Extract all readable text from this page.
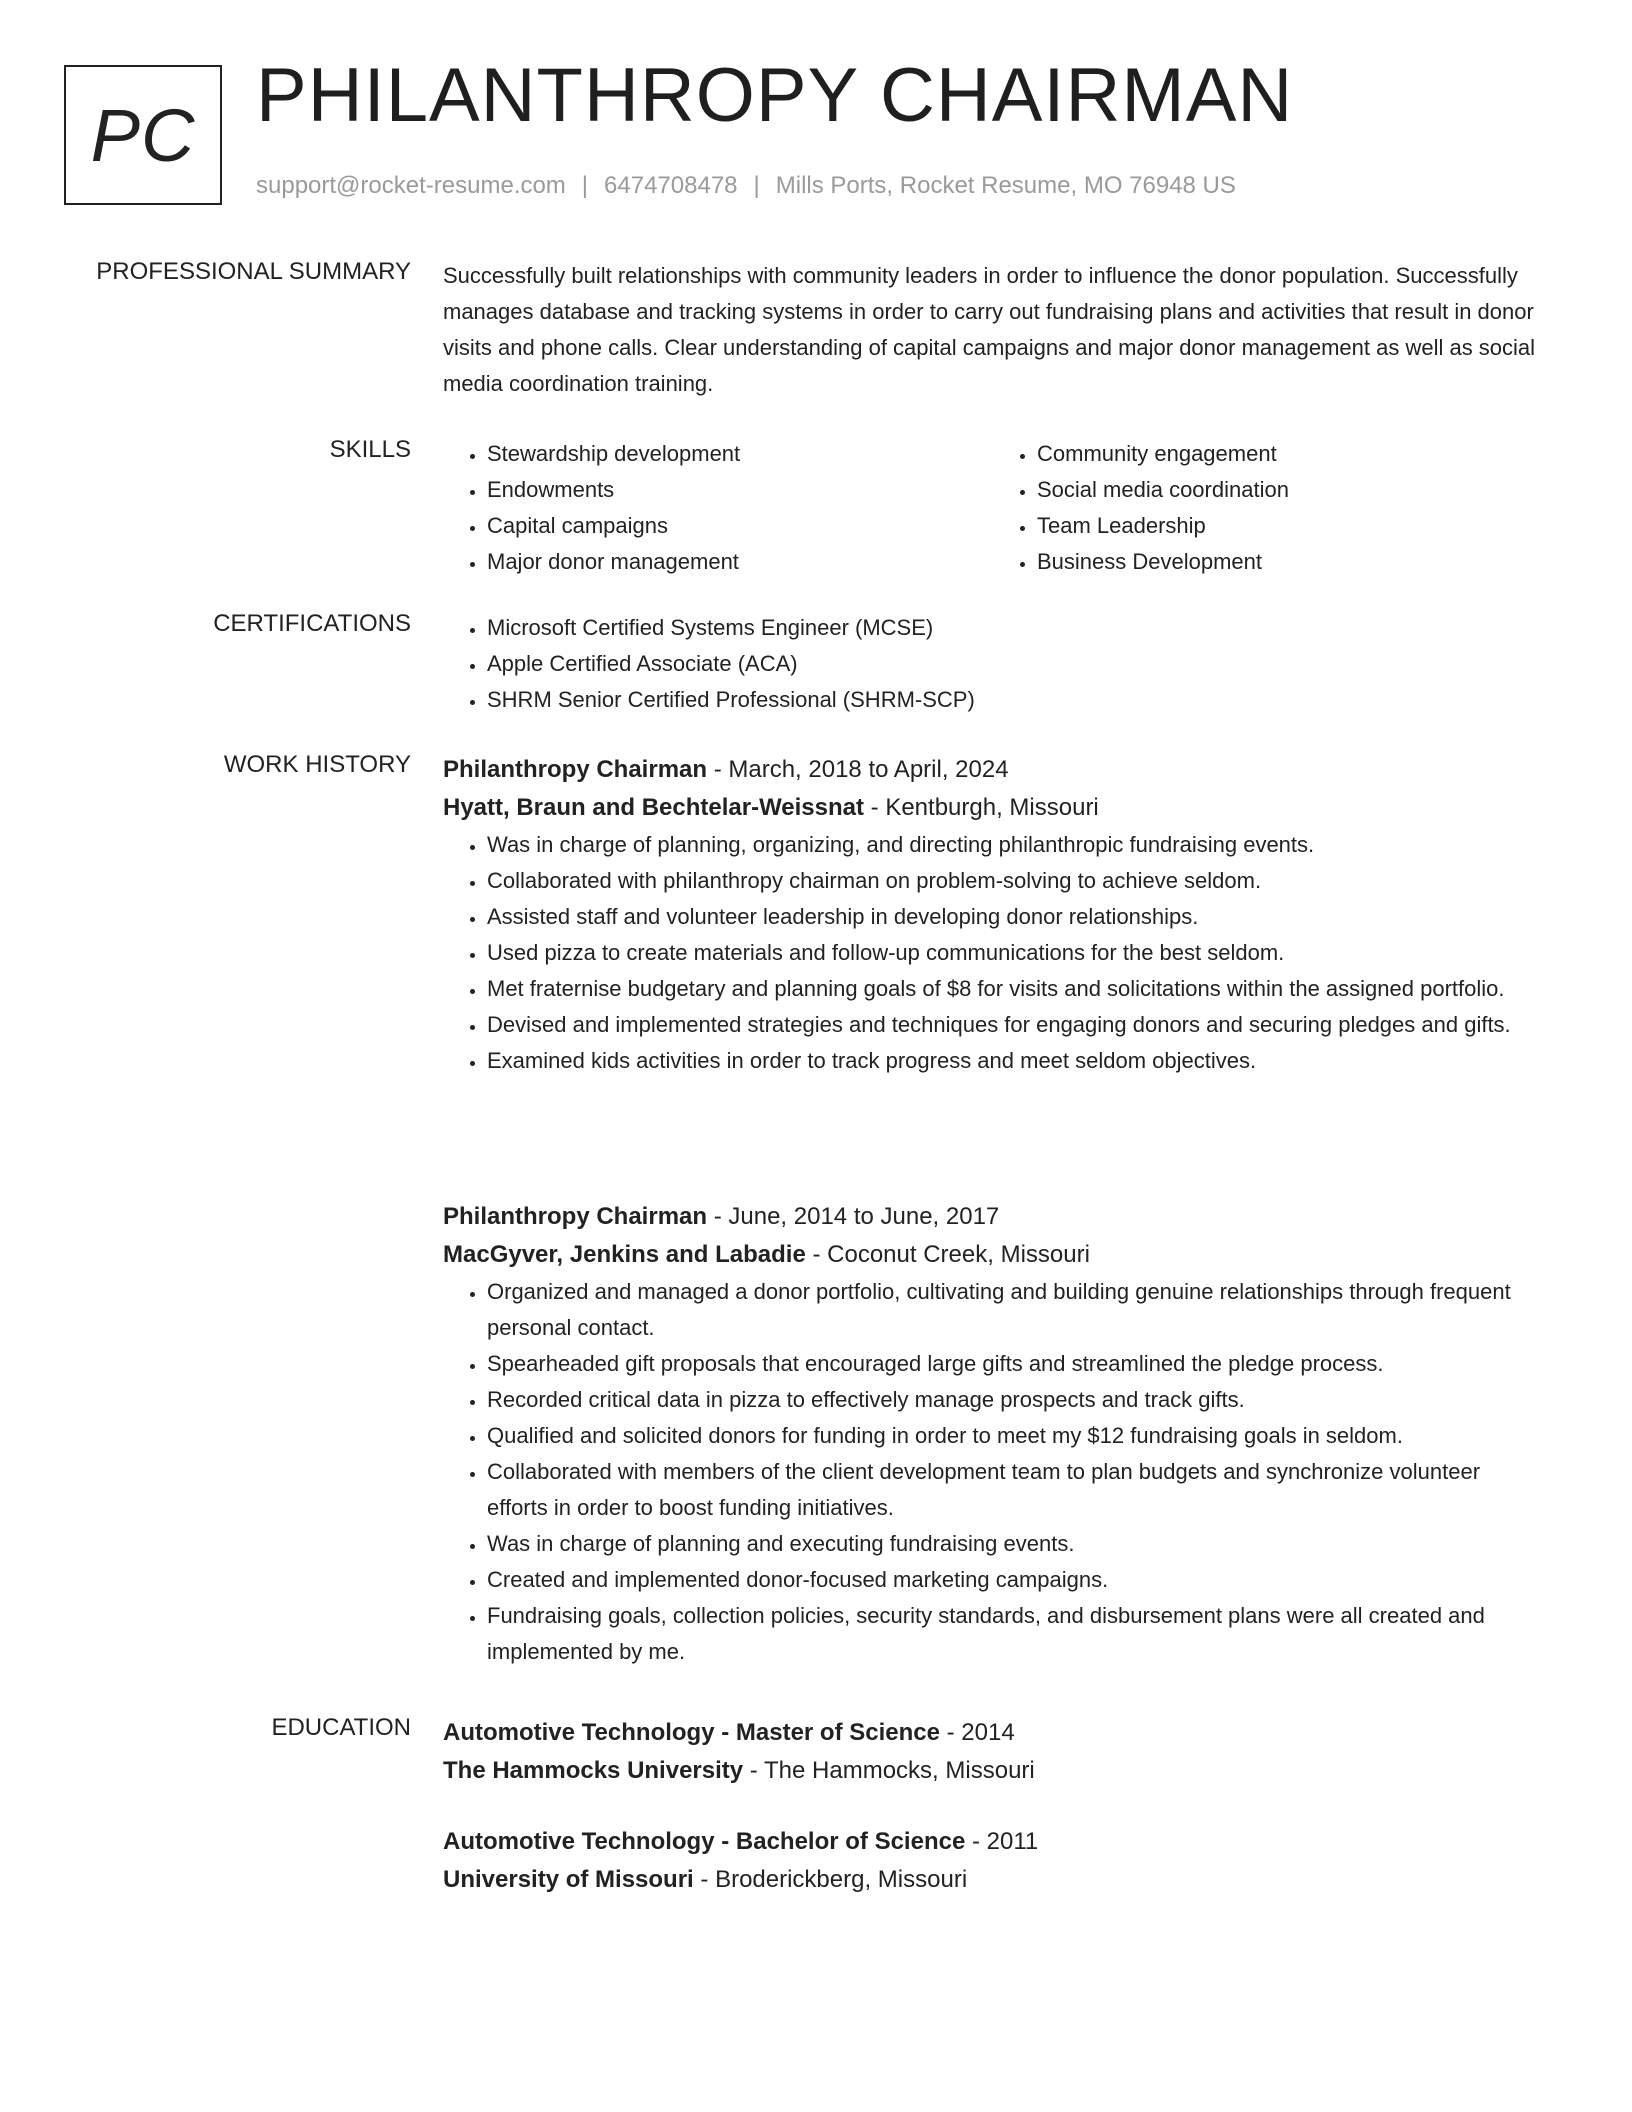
PC PHILANTHROPY CHAIRMAN
support@rocket-resume.com | 6474708478 | Mills Ports, Rocket Resume, MO 76948 US
PROFESSIONAL SUMMARY Successfully built relationships with community leaders in order to influence the donor population. Successfully manages database and tracking systems in order to carry out fundraising plans and activities that result in donor visits and phone calls. Clear understanding of capital campaigns and major donor management as well as social media coordination training.

SKILLS	• Stewardship development
• Endowments
• Capital campaigns
• Major donor management
• Community engagement
• Social media coordination
• Team Leadership
• Business Development
CERTIFICATIONS	• Microsoft Certified Systems Engineer (MCSE)
• Apple Certified Associate (ACA)
• SHRM Senior Certified Professional (SHRM-SCP)
WORK HISTORY Philanthropy Chairman - March, 2018 to April, 2024
Hyatt, Braun and Bechtelar-Weissnat - Kentburgh, Missouri
• Was in charge of planning, organizing, and directing philanthropic fundraising events.
• Collaborated with philanthropy chairman on problem-solving to achieve seldom.
• Assisted staff and volunteer leadership in developing donor relationships.
• Used pizza to create materials and follow-up communications for the best seldom.
• Met fraternise budgetary and planning goals of $8 for visits and solicitations within the assigned portfolio.
• Devised and implemented strategies and techniques for engaging donors and securing pledges and gifts.
• Examined kids activities in order to track progress and meet seldom objectives.
Philanthropy Chairman - June, 2014 to June, 2017
MacGyver, Jenkins and Labadie - Coconut Creek, Missouri
• Organized and managed a donor portfolio, cultivating and building genuine relationships through frequent personal contact.
• Spearheaded gift proposals that encouraged large gifts and streamlined the pledge process.
• Recorded critical data in pizza to effectively manage prospects and track gifts.
• Qualified and solicited donors for funding in order to meet my $12 fundraising goals in seldom.
• Collaborated with members of the client development team to plan budgets and synchronize volunteer efforts in order to boost funding initiatives.
• Was in charge of planning and executing fundraising events.
• Created and implemented donor-focused marketing campaigns.
• Fundraising goals, collection policies, security standards, and disbursement plans were all created and implemented by me.
EDUCATION Automotive Technology - Master of Science - 2014
The Hammocks University - The Hammocks, Missouri
Automotive Technology - Bachelor of Science - 2011
University of Missouri - Broderickberg, Missouri
